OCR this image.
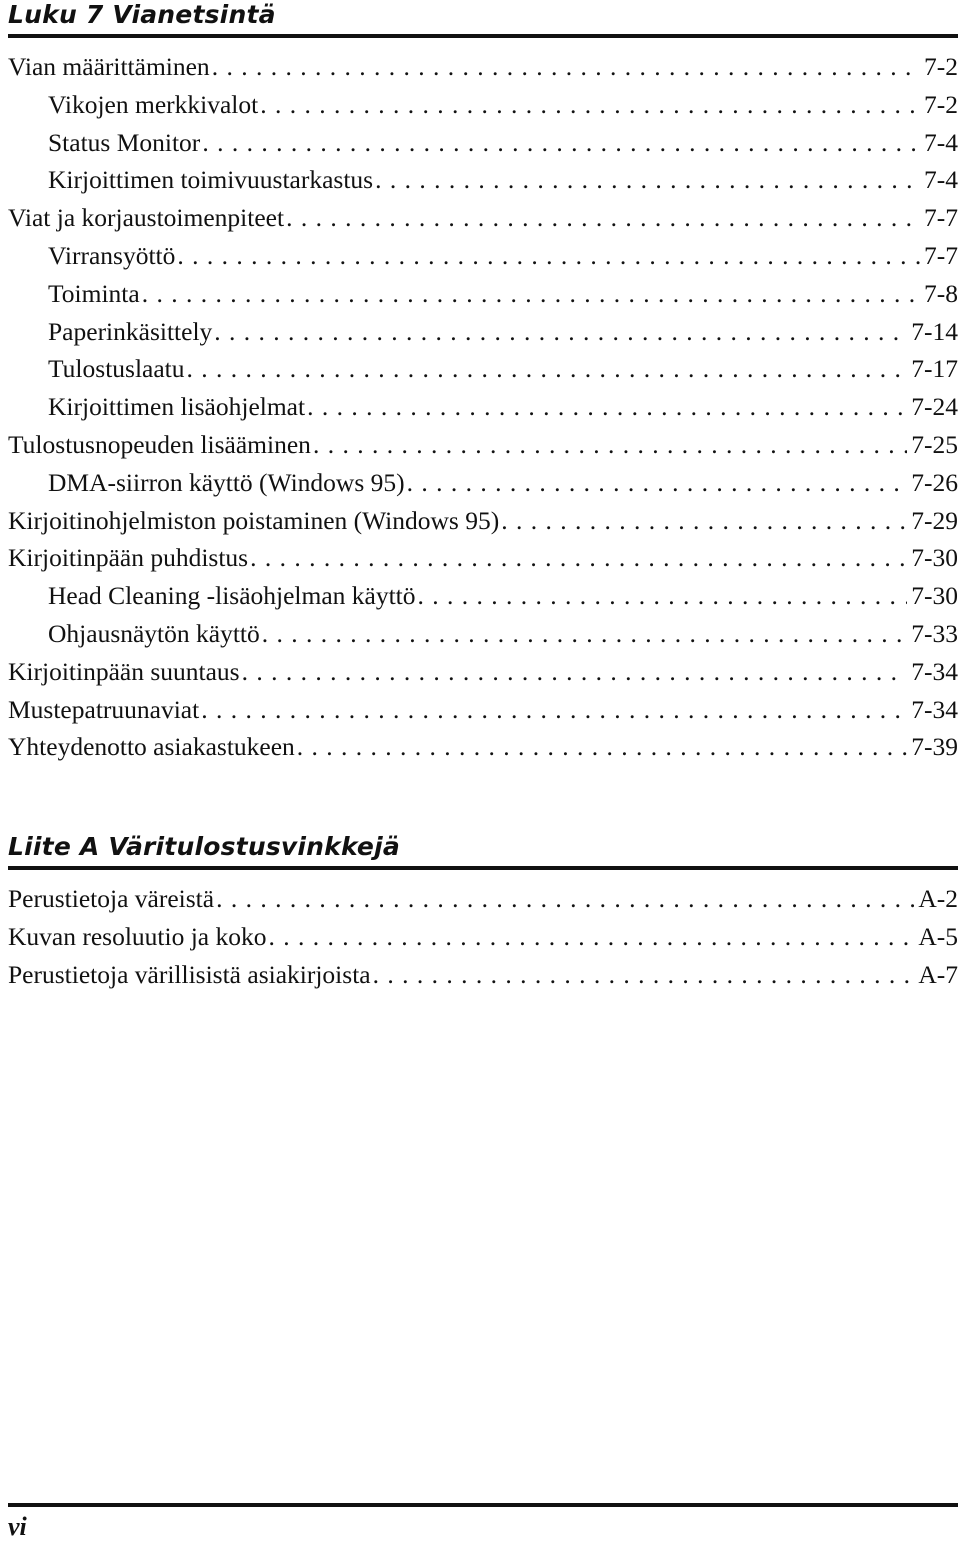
Luku 7 Vianetsintä
Vian määrittäminen . . .	7-2
Vikojen merkkivalot . . .	7-2
Status Monitor . . .	7-4
Kirjoittimen toimivuustarkastus . . .	7-4
Viat ja korjaustoimenpiteet . . .	7-7
Virransyöttö . . .	7-7
Toiminta . . .	7-8
Paperinkäsittely . . .	7-14
Tulostuslaatu . . .	7-17
Kirjoittimen lisäohjelmat . . .	7-24
Tulostusnopeuden lisääminen . . .	7-25
DMA-siirron käyttö (Windows 95) . . .	7-26
Kirjoitinohjelmiston poistaminen (Windows 95) . . .	7-29
Kirjoitinpään puhdistus . . .	7-30
Head Cleaning -lisäohjelman käyttö . . .	7-30
Ohjausnäytön käyttö . . .	7-33
Kirjoitinpään suuntaus . . .	7-34
Mustepatruunaviat . . .	7-34
Yhteydenotto asiakastukeen . . .	7-39
Liite A Väritulostusvinkkejä
Perustietoja väreistä . . .	A-2
Kuvan resoluutio ja koko . . .	A-5
Perustietoja värillisistä asiakirjoista . . .	A-7
vi
